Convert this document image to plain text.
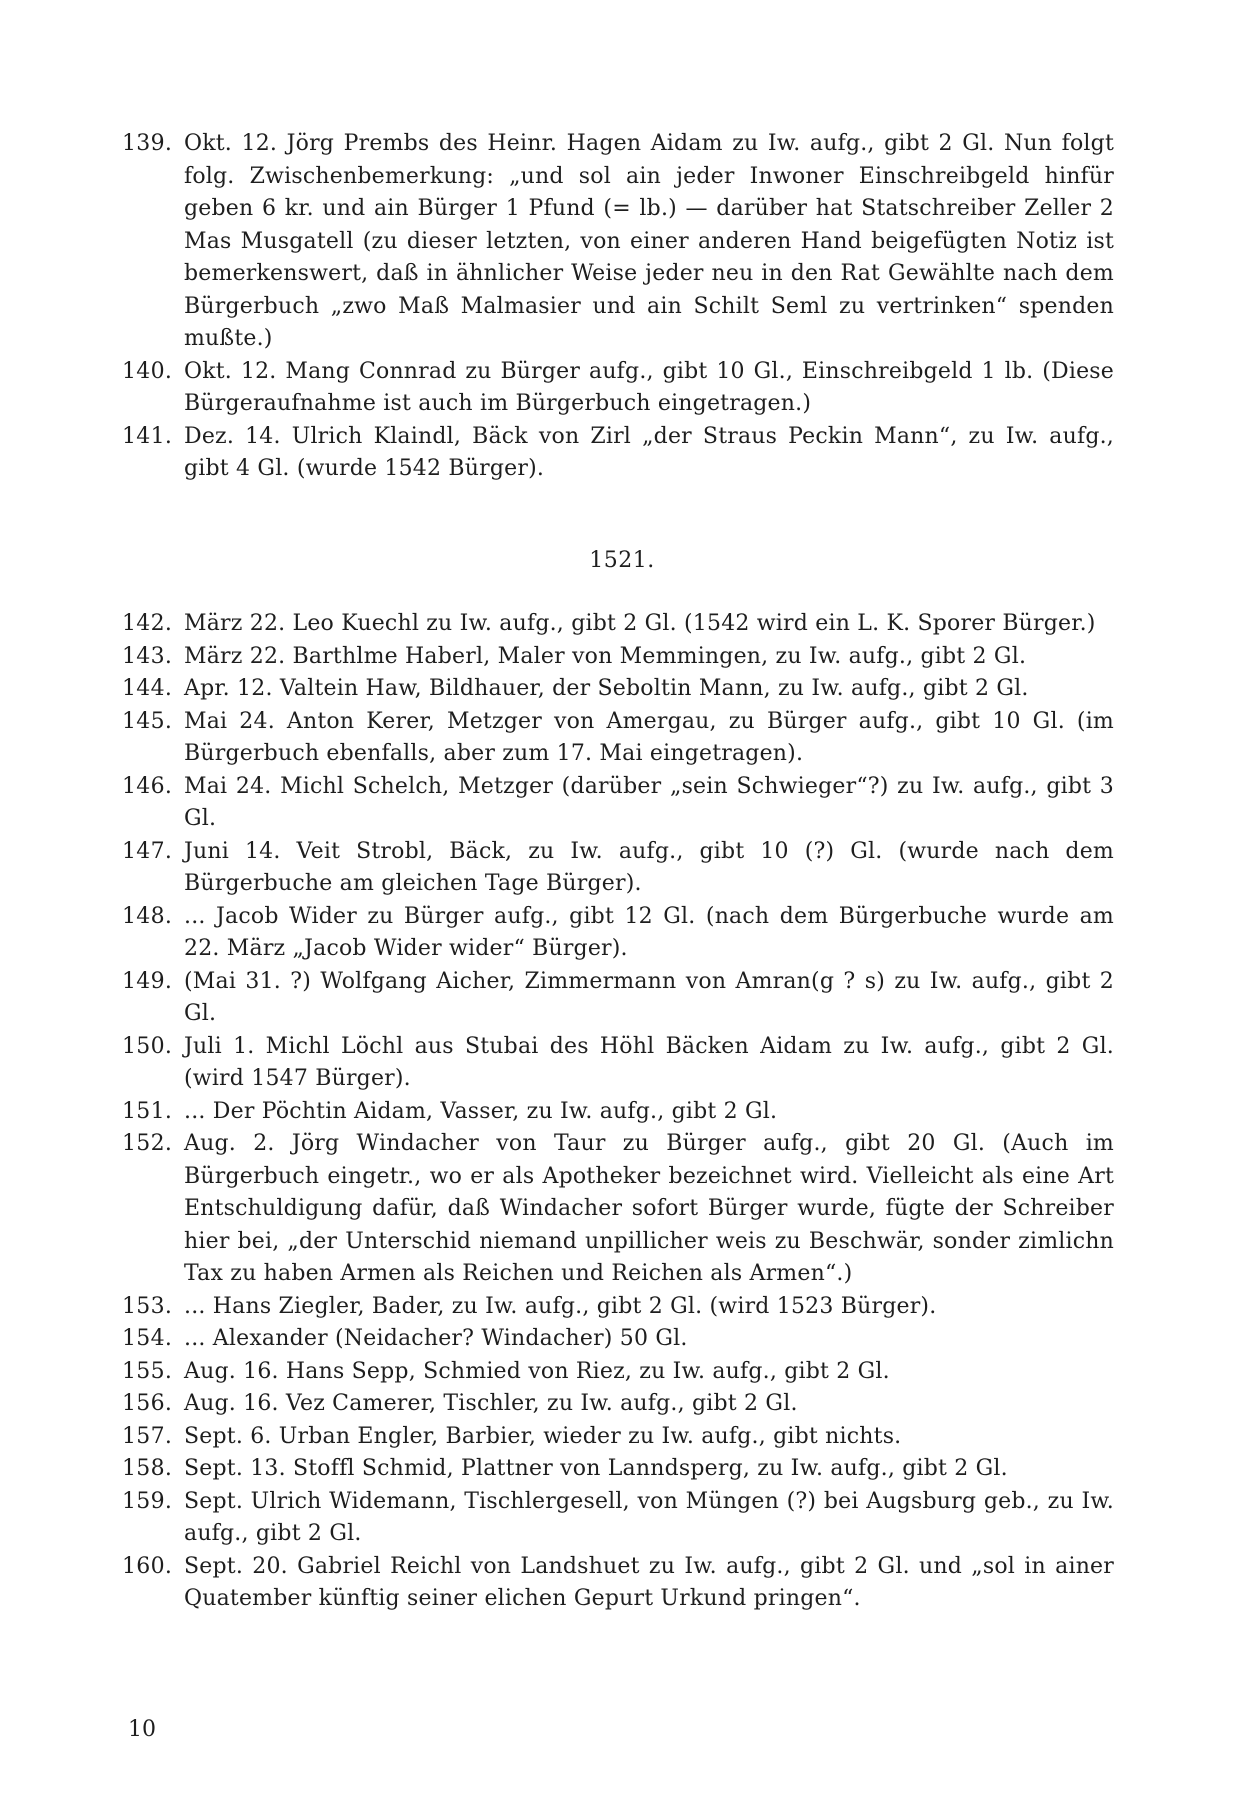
139. Okt. 12. Jörg Prembs des Heinr. Hagen Aidam zu Iw. aufg., gibt 2 Gl. Nun folgt folg. Zwischenbemerkung: „und sol ain jeder Inwoner Einschreibgeld hinfür geben 6 kr. und ain Bürger 1 Pfund (= lb.) — darüber hat Statschreiber Zeller 2 Mas Musgatell (zu dieser letzten, von einer anderen Hand beigefügten Notiz ist bemerkenswert, daß in ähnlicher Weise jeder neu in den Rat Gewählte nach dem Bürgerbuch „zwo Maß Malmasier und ain Schilt Seml zu vertrinken“ spenden mußte.)
140. Okt. 12. Mang Connrad zu Bürger aufg., gibt 10 Gl., Einschreibgeld 1 lb. (Diese Bürgeraufnahme ist auch im Bürgerbuch eingetragen.)
141. Dez. 14. Ulrich Klaindl, Bäck von Zirl „der Straus Peckin Mann“, zu Iw. aufg., gibt 4 Gl. (wurde 1542 Bürger).
1521.
142. März 22. Leo Kuechl zu Iw. aufg., gibt 2 Gl. (1542 wird ein L. K. Sporer Bürger.)
143. März 22. Barthlme Haberl, Maler von Memmingen, zu Iw. aufg., gibt 2 Gl.
144. Apr. 12. Valtein Haw, Bildhauer, der Seboltin Mann, zu Iw. aufg., gibt 2 Gl.
145. Mai 24. Anton Kerer, Metzger von Amergau, zu Bürger aufg., gibt 10 Gl. (im Bürgerbuch ebenfalls, aber zum 17. Mai eingetragen).
146. Mai 24. Michl Schelch, Metzger (darüber „sein Schwieger“?) zu Iw. aufg., gibt 3 Gl.
147. Juni 14. Veit Strobl, Bäck, zu Iw. aufg., gibt 10 (?) Gl. (wurde nach dem Bürgerbuche am gleichen Tage Bürger).
148. ... Jacob Wider zu Bürger aufg., gibt 12 Gl. (nach dem Bürgerbuche wurde am 22. März „Jacob Wider wider“ Bürger).
149. (Mai 31. ?) Wolfgang Aicher, Zimmermann von Amran(g ? s) zu Iw. aufg., gibt 2 Gl.
150. Juli 1. Michl Löchl aus Stubai des Höhl Bäcken Aidam zu Iw. aufg., gibt 2 Gl. (wird 1547 Bürger).
151. ... Der Pöchtin Aidam, Vasser, zu Iw. aufg., gibt 2 Gl.
152. Aug. 2. Jörg Windacher von Taur zu Bürger aufg., gibt 20 Gl. (Auch im Bürgerbuch eingetr., wo er als Apotheker bezeichnet wird. Vielleicht als eine Art Entschuldigung dafür, daß Windacher sofort Bürger wurde, fügte der Schreiber hier bei, „der Unterschid niemand unpillicher weis zu Beschwär, sonder zimlichn Tax zu haben Armen als Reichen und Reichen als Armen“.)
153. ... Hans Ziegler, Bader, zu Iw. aufg., gibt 2 Gl. (wird 1523 Bürger).
154. ... Alexander (Neidacher? Windacher) 50 Gl.
155. Aug. 16. Hans Sepp, Schmied von Riez, zu Iw. aufg., gibt 2 Gl.
156. Aug. 16. Vez Camerer, Tischler, zu Iw. aufg., gibt 2 Gl.
157. Sept. 6. Urban Engler, Barbier, wieder zu Iw. aufg., gibt nichts.
158. Sept. 13. Stoffl Schmid, Plattner von Lanndsperg, zu Iw. aufg., gibt 2 Gl.
159. Sept. Ulrich Widemann, Tischlergesell, von Müngen (?) bei Augsburg geb., zu Iw. aufg., gibt 2 Gl.
160. Sept. 20. Gabriel Reichl von Landshuet zu Iw. aufg., gibt 2 Gl. und „sol in ainer Quatember künftig seiner elichen Gepurt Urkund pringen“.
10
